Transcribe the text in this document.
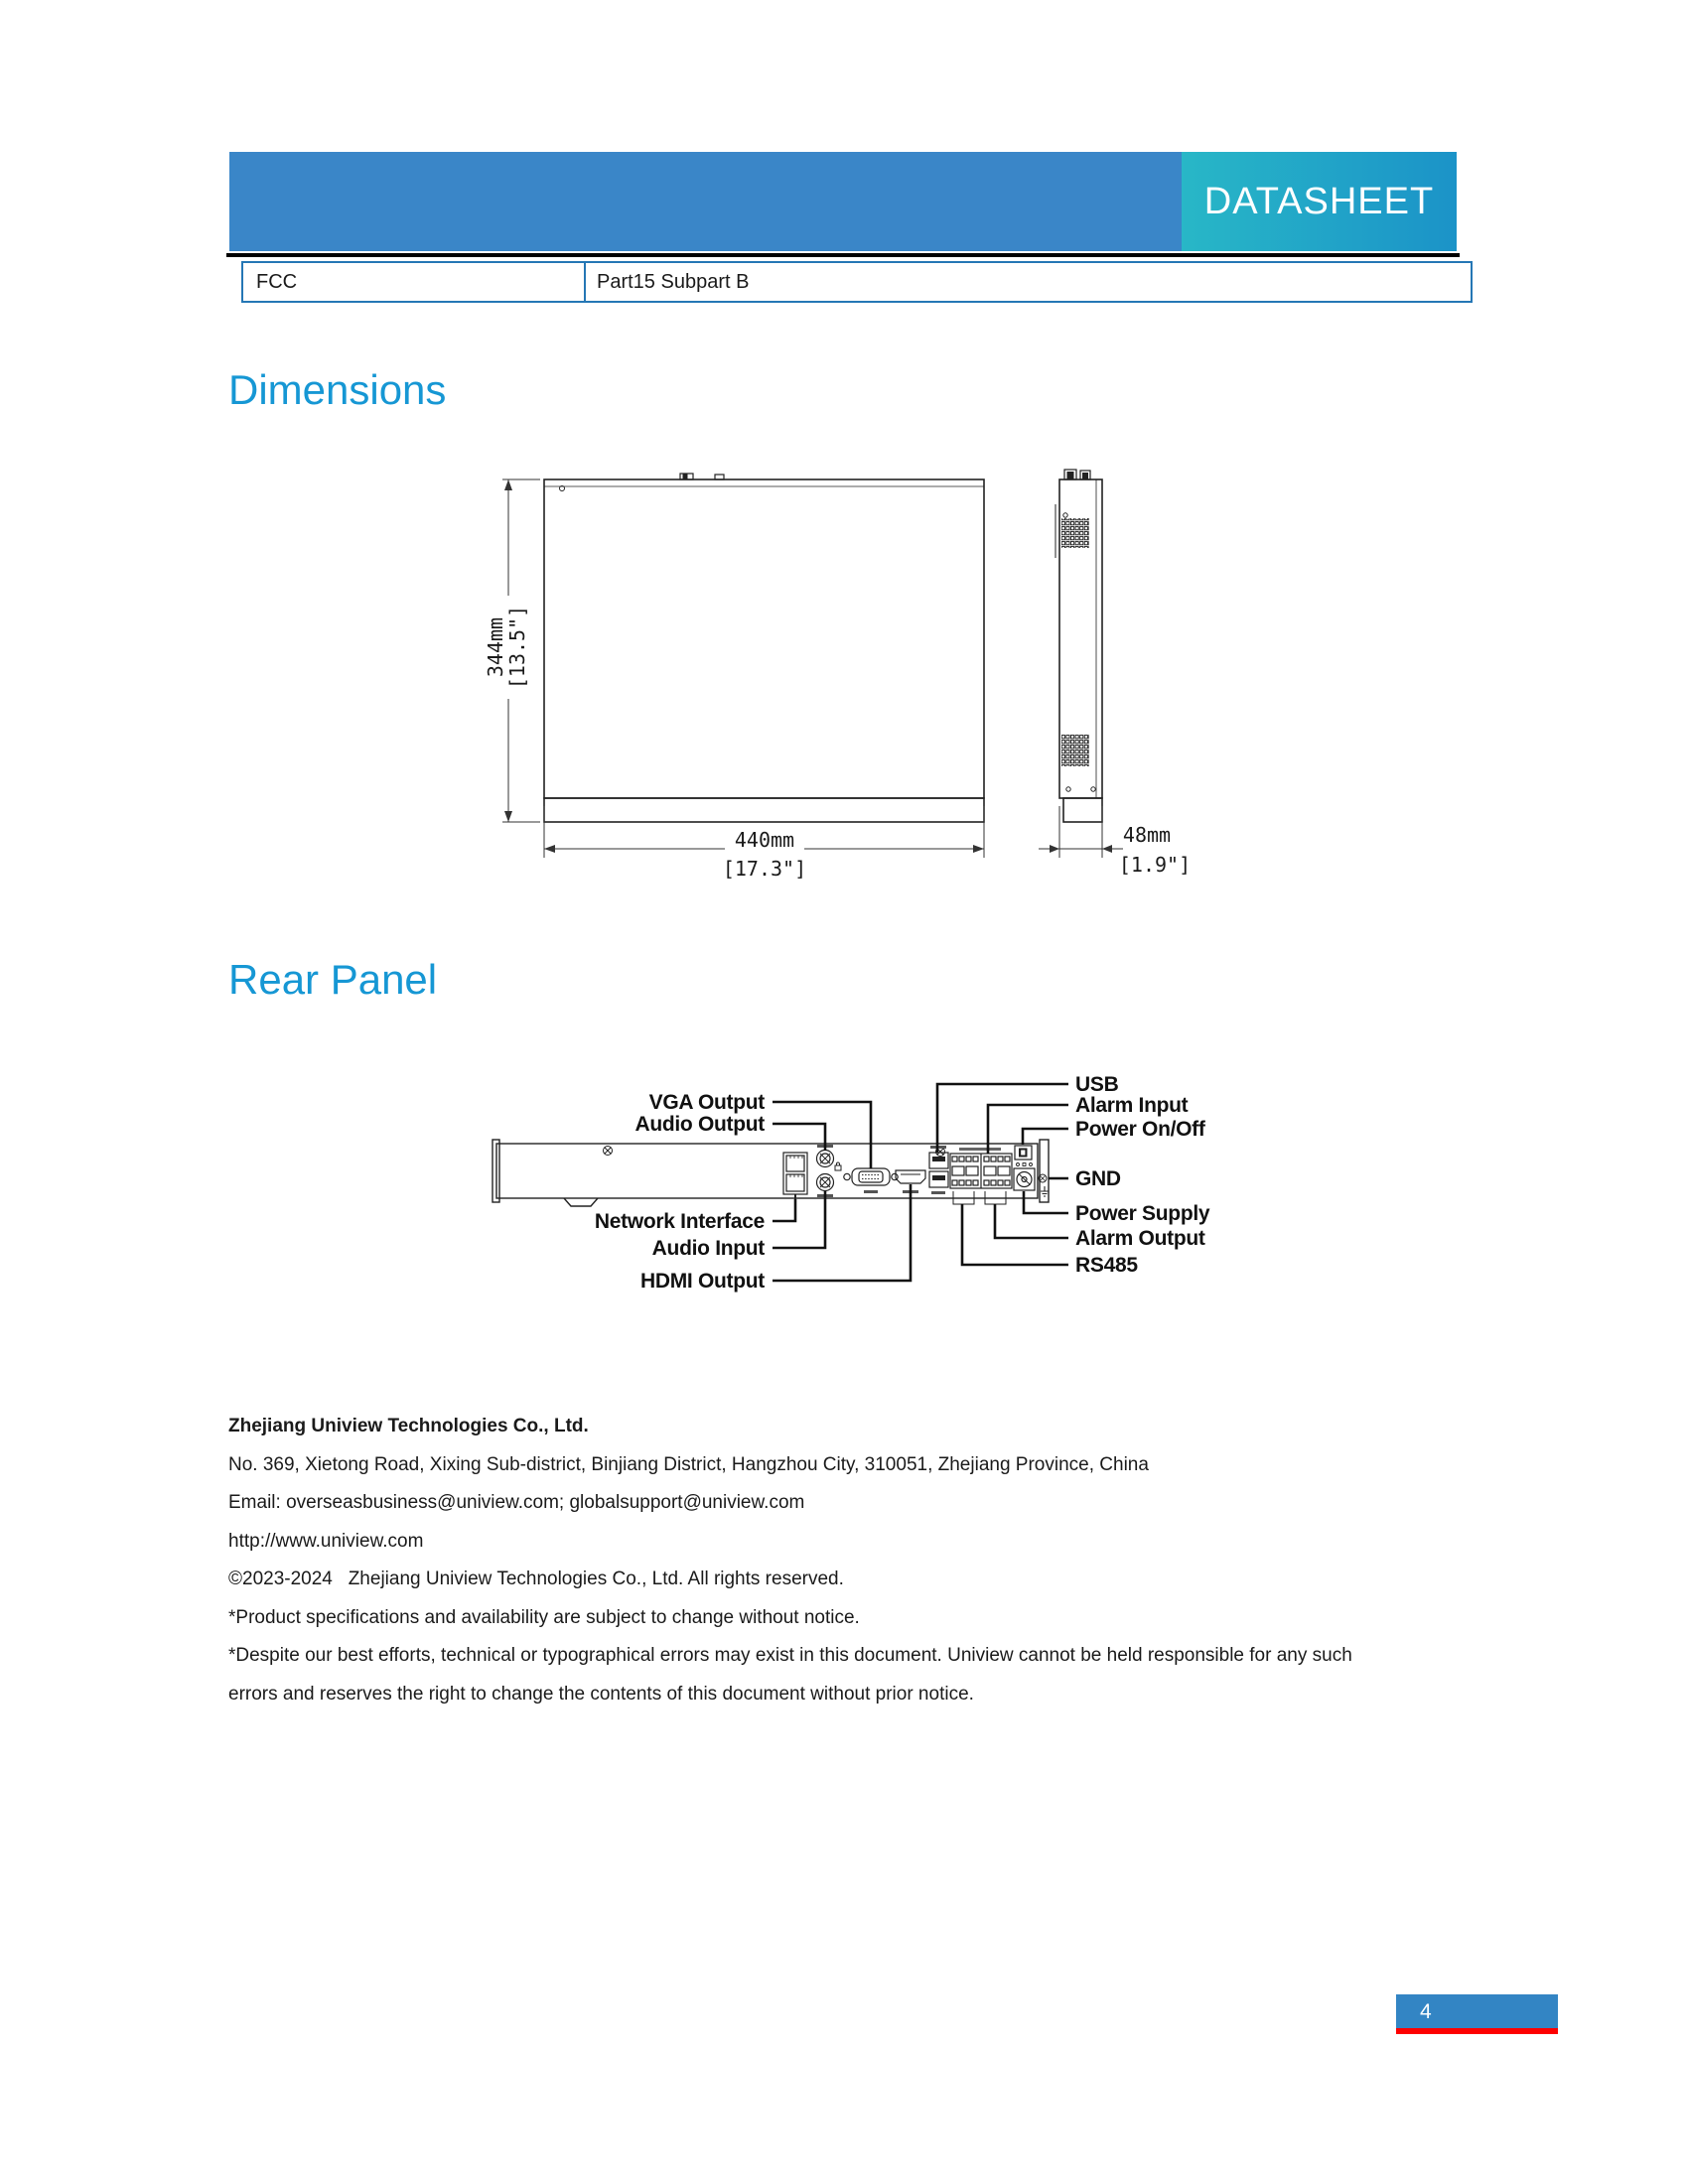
unv
DATASHEET
FCC	Part15 Subpart B
Dimensions
344mm
[13.5"]
440mm
[17.3"]
48mm
[1.9"]
Rear Panel
VGA Output
Audio Output
Network Interface
Audio Input
HDMI Output
USB
Alarm Input
Power On/Off
GND
Power Supply
Alarm Output
RS485
Zhejiang Uniview Technologies Co., Ltd.
No. 369, Xietong Road, Xixing Sub-district, Binjiang District, Hangzhou City, 310051, Zhejiang Province, China
Email: overseasbusiness@uniview.com; globalsupport@uniview.com
http://www.uniview.com
©2023-2024   Zhejiang Uniview Technologies Co., Ltd. All rights reserved.
*Product specifications and availability are subject to change without notice.
*Despite our best efforts, technical or typographical errors may exist in this document. Uniview cannot be held responsible for any such
errors and reserves the right to change the contents of this document without prior notice.
4
